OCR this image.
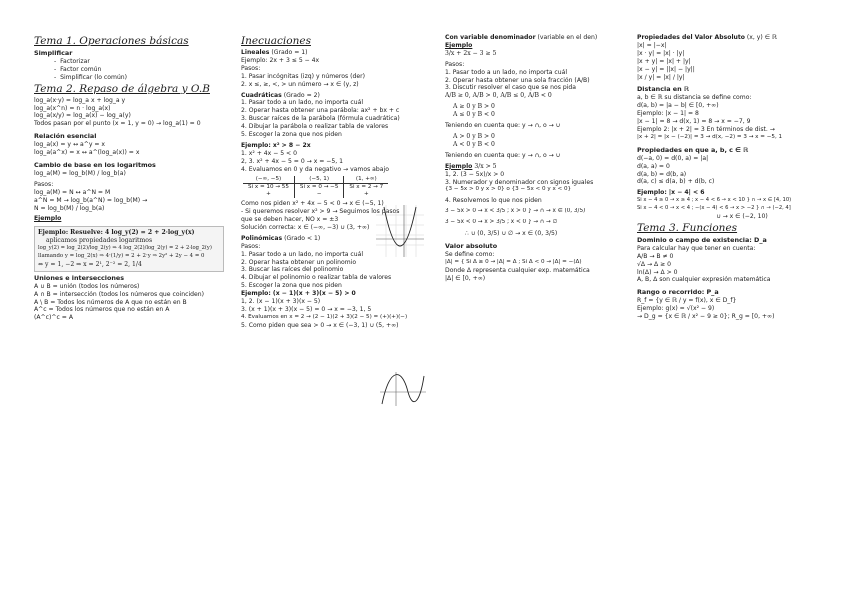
Tema 1. Operaciones básicas
Simplificar
-  Factorizar
-  Factor común
-  Simplificar (lo común)
Tema 2. Repaso de álgebra y O.B
log_a(x·y) = log_a x + log_a y
log_a(x^n) = n · log_a(x)
log_a(x/y) = log_a(x) − log_a(y)
Todos pasan por el punto (x = 1, y = 0) → log_a(1) = 0
Relación esencial
log_a(x) = y ↔ a^y = x
log_a(a^x) = x ↔ a^(log_a(x)) = x
Cambio de base en los logaritmos
log_a(M) = log_b(M) / log_b(a)
Pasos:
log_a(M) = N ↔ a^N = M
a^N = M → log_b(a^N) = log_b(M) →
N = log_b(M) / log_b(a)
Ejemplo
Ejemplo: Resuelve: 4 log_y(2) = 2 + 2·log_y(x)
aplicamos propiedades logaritmos
log_y(2) = log_2(2)/log_2(y) ⇒ 4 log_2(2)/log_2(y) = 2 + 2·log_2(y)
llamando y = log_2(x) ⇒ 4·(1/y) = 2 + 2·y ⇒ 2y² + 2y − 4 = 0
⇔ y = 1, −2 ⇒ x = 2¹, 2⁻² = 2, 1/4
Uniones e intersecciones
A ∪ B = unión (todos los números)
A ∩ B = intersección (todos los números que coinciden)
A \ B = Todos los números de A que no están en B
A^c = Todos los números que no están en A
(A^c)^c = A
Inecuaciones
Lineales (Grado = 1)
Ejemplo: 2x + 3 ≤ 5 − 4x
Pasos:
1. Pasar incógnitas (izq) y números (der)
2. x ≤, ≥, <, > un número → x ∈ (y, z)
Cuadráticas (Grado = 2)
1. Pasar todo a un lado, no importa cuál
2. Operar hasta obtener una parábola: ax² + bx + c
3. Buscar raíces de la parábola (fórmula cuadrática)
4. Dibujar la parábola o realizar tabla de valores
5. Escoger la zona que nos piden
Ejemplo: x² > 8 − 2x
1. x² + 4x − 5 < 0
2, 3. x² + 4x − 5 = 0 → x = −5, 1
4. Evaluamos en 0 y da negativo → vamos abajo
(−∞, −5)	(−5, 1)	(1, +∞)
Si x = 10 → 55	Si x = 0 → −5	Si x = 2 → 7
+	−	+
Como nos piden x² + 4x − 5 < 0 → x ∈ (−5, 1)
- Si queremos resolver x² > 9 → Seguimos los pasos
que se deben hacer, NO x = ±3
Solución correcta: x ∈ (−∞, −3) ∪ (3, +∞)
Polinómicas (Grado < 1)
Pasos:
1. Pasar todo a un lado, no importa cuál
2. Operar hasta obtener un polinomio
3. Buscar las raíces del polinomio
4. Dibujar el polinomio o realizar tabla de valores
5. Escoger la zona que nos piden
Ejemplo: (x − 1)(x + 3)(x − 5) > 0
1, 2. (x − 1)(x + 3)(x − 5)
3. (x + 1)(x + 3)(x − 5) = 0 → x = −3, 1, 5
4. Evaluamos en x = 2 → (2 − 1)(2 + 3)(2 − 5) = (+)(+)(−)
5. Como piden que sea > 0 → x ∈ (−3, 1) ∪ (5, +∞)
Con variable denominador (variable en el den)
Ejemplo
3/x + 2x − 3 ≥ 5
Pasos:
1. Pasar todo a un lado, no importa cuál
2. Operar hasta obtener una sola fracción (A/B)
3. Discutir resolver el caso que se nos pida
A/B ≥ 0, A/B > 0, A/B ≤ 0, A/B < 0
A ≥ 0 y B > 0
A ≤ 0 y B < 0
Teniendo en cuenta que: y → ∩, o → ∪
A > 0 y B > 0
A < 0 y B < 0
Teniendo en cuenta que: y → ∩, o → ∪
Ejemplo 3/x > 5
1, 2. (3 − 5x)/x > 0
3. Numerador y denominador con signos iguales
{3 − 5x > 0 y x > 0} o {3 − 5x < 0 y x < 0}
4. Resolvemos lo que nos piden
3 − 5x > 0 → x < 3/5 ; x > 0 } → ∩ → x ∈ (0, 3/5)
3 − 5x < 0 → x > 3/5 ; x < 0 } → ∩ → ∅
∴ ∪ (0, 3/5) ∪ ∅ → x ∈ (0, 3/5)
Valor absoluto
Se define como:
|Δ| = { Si Δ ≥ 0 → |Δ| = Δ ; Si Δ < 0 → |Δ| = −(Δ)
Donde Δ representa cualquier exp. matemática
|Δ| ∈ [0, +∞)
Propiedades del Valor Absoluto (x, y) ∈ ℝ
|x| = |−x|
|x · y| = |x| · |y|
|x + y| = |x| + |y|
|x − y| = ||x| − |y||
|x / y| = |x| / |y|
Distancia en ℝ
a, b ∈ ℝ su distancia se define como:
d(a, b) = |a − b| ∈ [0, +∞)
Ejemplo: |x − 1| = 8
|x − 1| = 8 → d(x, 1) = 8 → x = −7, 9
Ejemplo 2: |x + 2| = 3 En términos de dist. →
|x + 2| = |x − (−2)| = 3 → d(x, −2) = 3 → x = −5, 1
Propiedades en que a, b, c ∈ ℝ
d(−a, 0) = d(0, a) = |a|
d(a, a) = 0
d(a, b) = d(b, a)
d(a, c) ≤ d(a, b) + d(b, c)
Ejemplo: |x − 4| < 6
Si x − 4 ≥ 0 → x ≥ 4 ; x − 4 < 6 → x < 10 } ∩ → x ∈ [4, 10)
Si x − 4 < 0 → x < 4 ; −(x − 4) < 6 → x > −2 } ∩ → (−2, 4]
∪ → x ∈ (−2, 10)
Tema 3. Funciones
Dominio o campo de existencia: D_a
Para calcular hay que tener en cuenta:
A/B → B ≠ 0
√Δ → Δ ≥ 0
ln(Δ) → Δ > 0
A, B, Δ son cualquier expresión matemática
Rango o recorrido: P_a
R_f = {y ∈ ℝ / y = f(x), x ∈ D_f}
Ejemplo: g(x) = √(x² − 9)
→ D_g = {x ∈ ℝ / x² − 9 ≥ 0}; R_g = [0, +∞)
